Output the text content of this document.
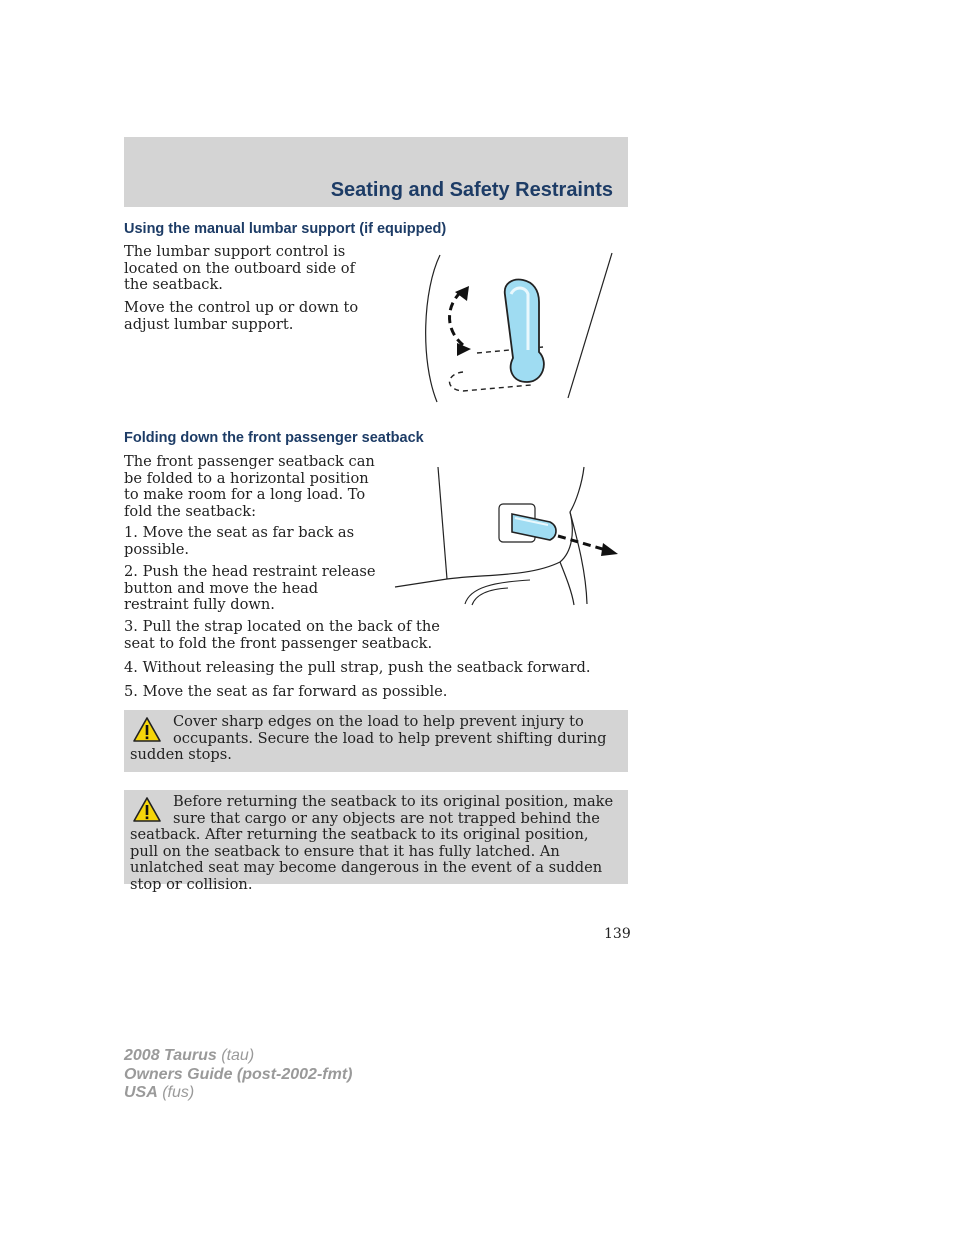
Seating and Safety Restraints
Using the manual lumbar support (if equipped)

The lumbar support control is located on the outboard side of the seatback.

Move the control up or down to adjust lumbar support.

Folding down the front passenger seatback

The front passenger seatback can be folded to a horizontal position to make room for a long load. To fold the seatback:

1. Move the seat as far back as possible.

2. Push the head restraint release button and move the head restraint fully down.

3. Pull the strap located on the back of the seat to fold the front passenger seatback.

4. Without releasing the pull strap, push the seatback forward.

5. Move the seat as far forward as possible.

Cover sharp edges on the load to help prevent injury to occupants. Secure the load to help prevent shifting during sudden stops.

Before returning the seatback to its original position, make sure that cargo or any objects are not trapped behind the seatback. After returning the seatback to its original position, pull on the seatback to ensure that it has fully latched. An unlatched seat may become dangerous in the event of a sudden stop or collision.

139
2008 Taurus (tau)
Owners Guide (post-2002-fmt)
USA (fus)
